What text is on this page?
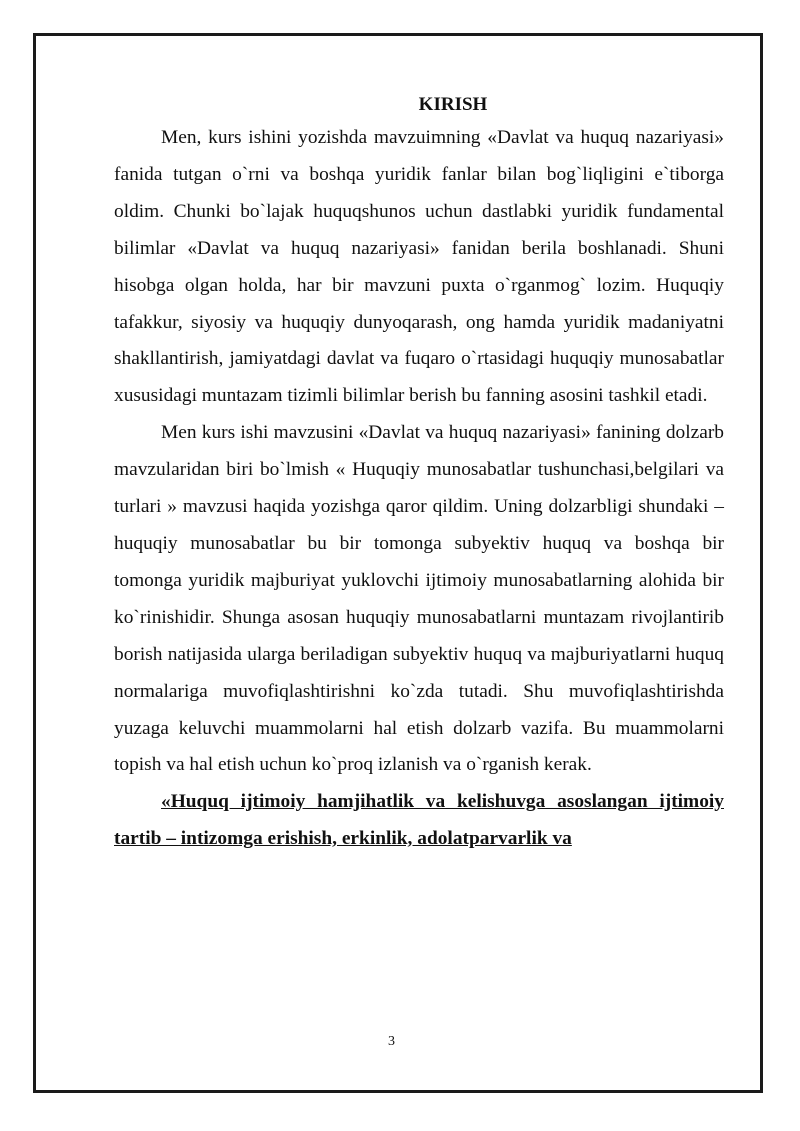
KIRISH

Men, kurs ishini yozishda mavzuimning «Davlat va huquq nazariyasi» fanida tutgan o`rni va boshqa yuridik fanlar bilan bog`liqligini e`tiborga oldim. Chunki bo`lajak huquqshunos uchun dastlabki yuridik fundamental bilimlar «Davlat va huquq nazariyasi» fanidan berila boshlanadi. Shuni hisobga olgan holda, har bir mavzuni puxta o`rganmog` lozim. Huquqiy tafakkur, siyosiy va huquqiy dunyoqarash, ong hamda yuridik madaniyatni shakllantirish, jamiyatdagi davlat va fuqaro o`rtasidagi huquqiy munosabatlar xususidagi muntazam tizimli bilimlar berish bu fanning asosini tashkil etadi.

Men kurs ishi mavzusini «Davlat va huquq nazariyasi» fanining dolzarb mavzularidan biri bo`lmish « Huquqiy munosabatlar tushunchasi,belgilari va turlari » mavzusi haqida yozishga qaror qildim. Uning dolzarbligi shundaki – huquqiy munosabatlar bu bir tomonga subyektiv huquq va boshqa bir tomonga yuridik majburiyat yuklovchi ijtimoiy munosabatlarning alohida bir ko`rinishidir. Shunga asosan huquqiy munosabatlarni muntazam rivojlantirib borish natijasida ularga beriladigan subyektiv huquq va majburiyatlarni huquq normalariga muvofiqlashtirishni ko`zda tutadi. Shu muvofiqlashtirishda yuzaga keluvchi muammolarni hal etish dolzarb vazifa. Bu muammolarni topish va hal etish uchun ko`proq izlanish va o`rganish kerak.

«Huquq ijtimoiy hamjihatlik va kelishuvga asoslangan ijtimoiy tartib – intizomga erishish, erkinlik, adolatparvarlik va

3
